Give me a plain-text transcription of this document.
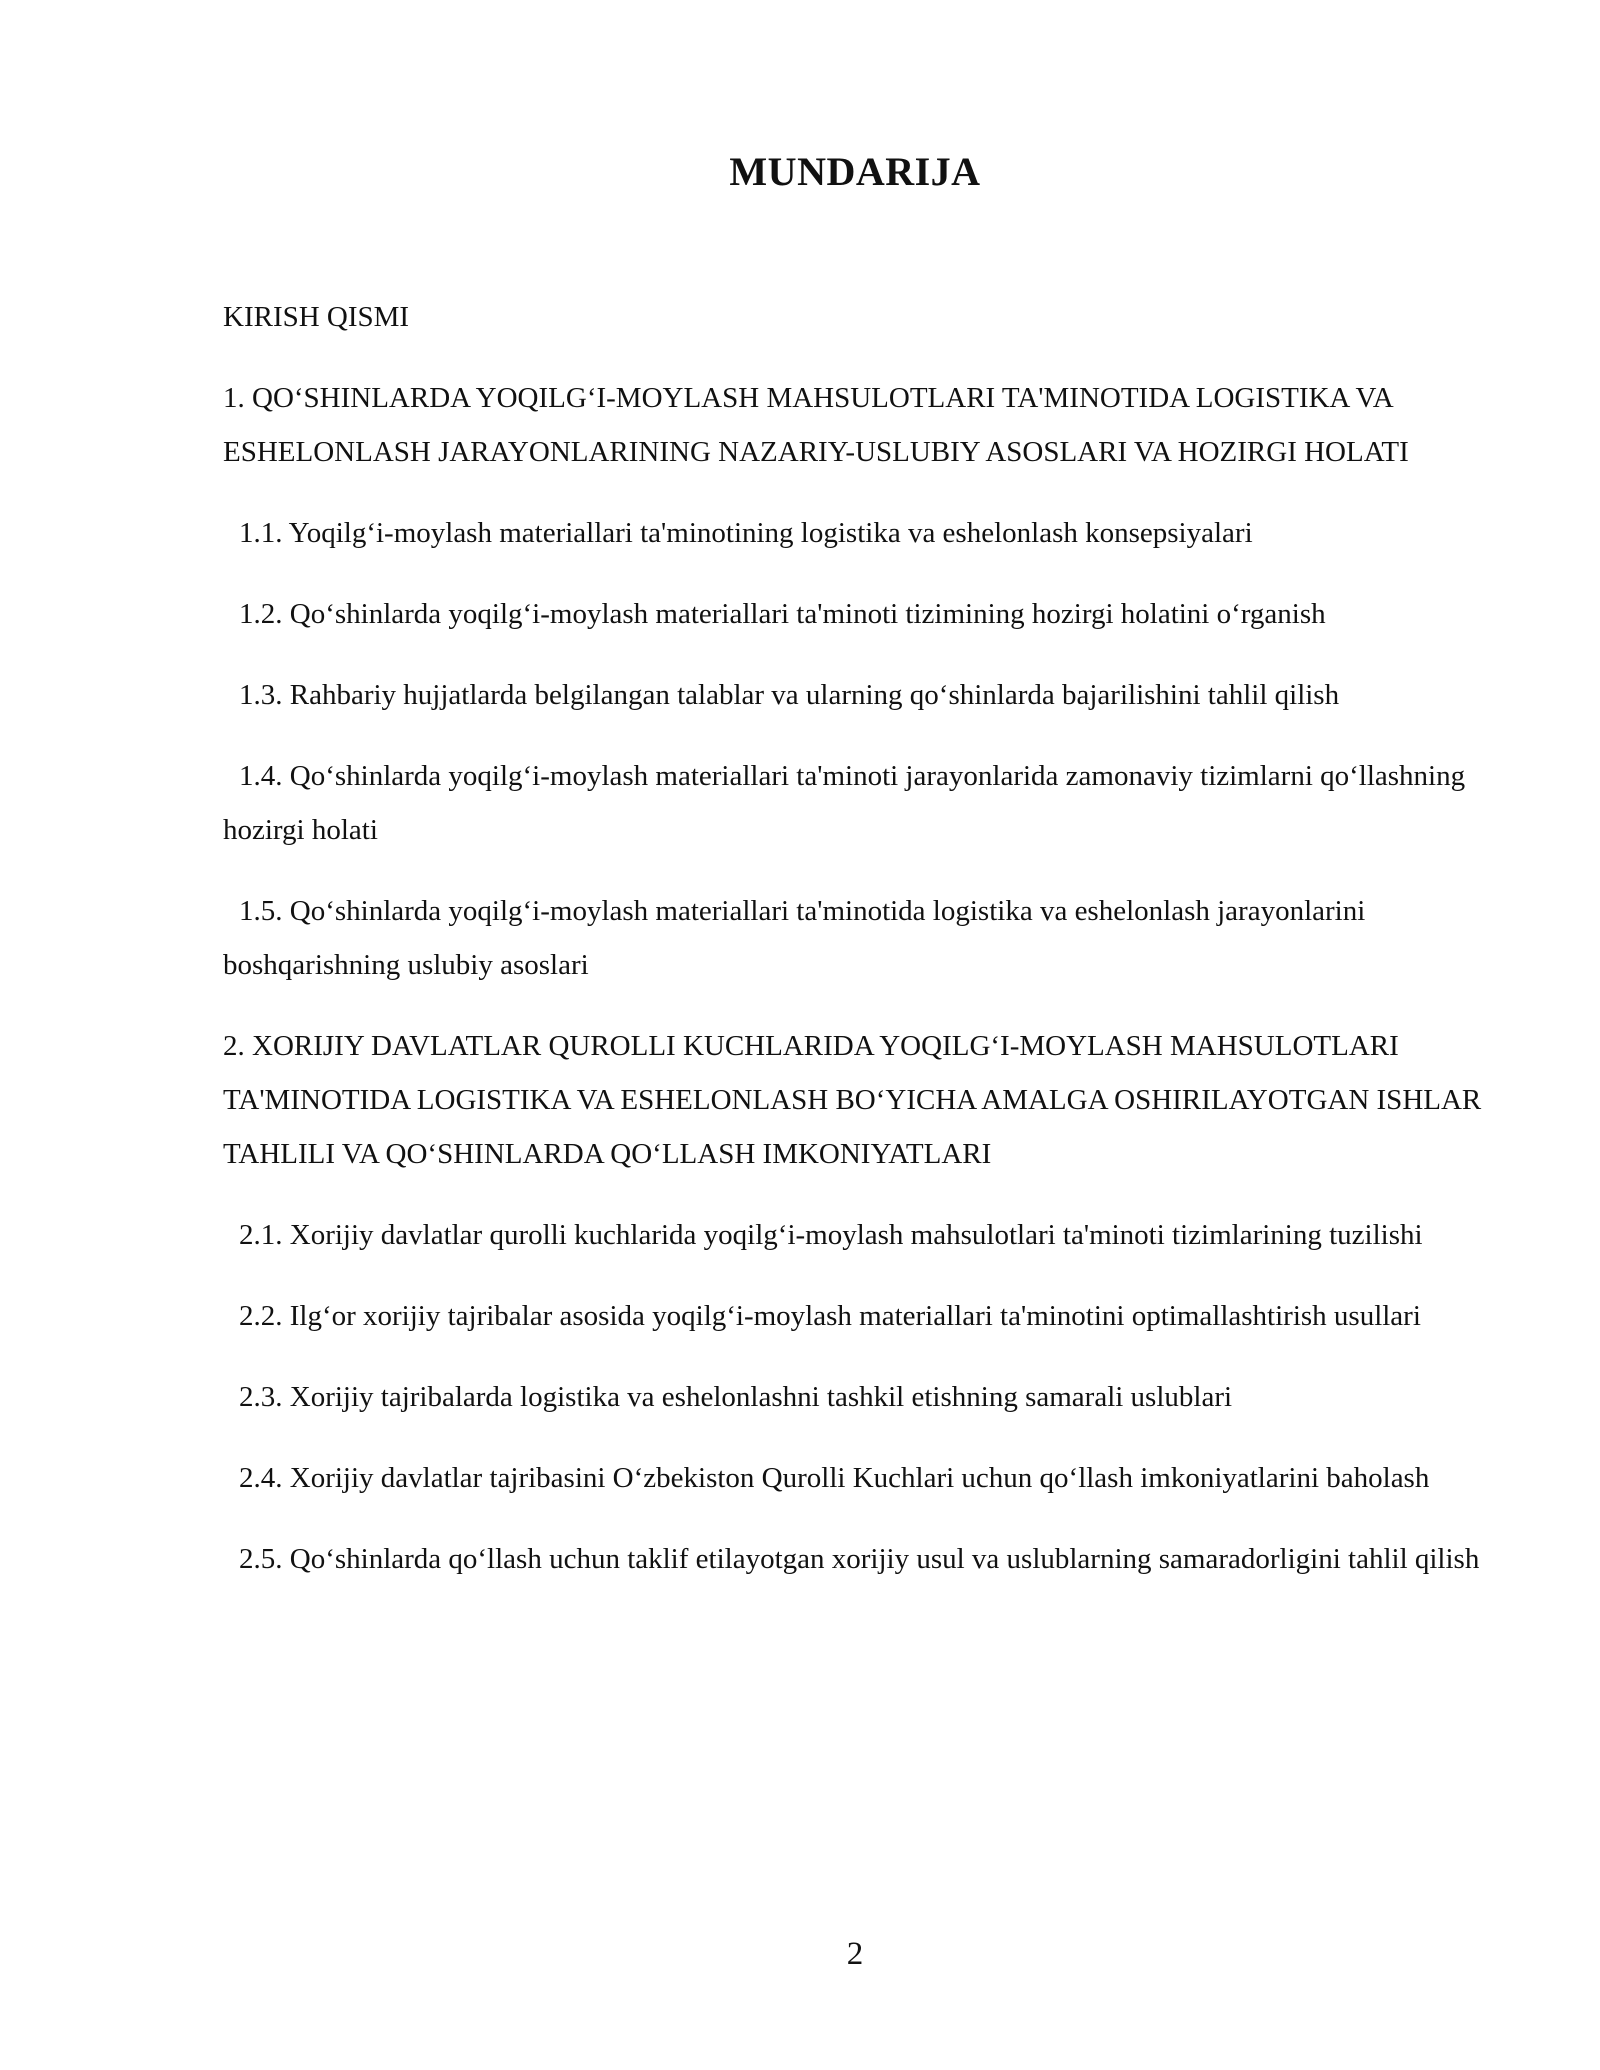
MUNDARIJA
KIRISH QISMI
1. QO‘SHINLARDA YOQILG‘I-MOYLASH MAHSULOTLARI TA'MINOTIDA LOGISTIKA VA ESHELONLASH JARAYONLARINING NAZARIY-USLUBIY ASOSLARI VA HOZIRGI HOLATI
1.1. Yoqilg‘i-moylash materiallari ta'minotining logistika va eshelonlash konsepsiyalari
1.2. Qo‘shinlarda yoqilg‘i-moylash materiallari ta'minoti tizimining hozirgi holatini o‘rganish
1.3. Rahbariy hujjatlarda belgilangan talablar va ularning qo‘shinlarda bajarilishini tahlil qilish
1.4. Qo‘shinlarda yoqilg‘i-moylash materiallari ta'minoti jarayonlarida zamonaviy tizimlarni qo‘llashning hozirgi holati
1.5. Qo‘shinlarda yoqilg‘i-moylash materiallari ta'minotida logistika va eshelonlash jarayonlarini boshqarishning uslubiy asoslari
2. XORIJIY DAVLATLAR QUROLLI KUCHLARIDA YOQILG‘I-MOYLASH MAHSULOTLARI TA'MINOTIDA LOGISTIKA VA ESHELONLASH BO‘YICHA AMALGA OSHIRILAYOTGAN ISHLAR TAHLILI VA QO‘SHINLARDA QO‘LLASH IMKONIYATLARI
2.1. Xorijiy davlatlar qurolli kuchlarida yoqilg‘i-moylash mahsulotlari ta'minoti tizimlarining tuzilishi
2.2. Ilg‘or xorijiy tajribalar asosida yoqilg‘i-moylash materiallari ta'minotini optimallashtirish usullari
2.3. Xorijiy tajribalarda logistika va eshelonlashni tashkil etishning samarali uslublari
2.4. Xorijiy davlatlar tajribasini O‘zbekiston Qurolli Kuchlari uchun qo‘llash imkoniyatlarini baholash
2.5. Qo‘shinlarda qo‘llash uchun taklif etilayotgan xorijiy usul va uslublarning samaradorligini tahlil qilish

2
